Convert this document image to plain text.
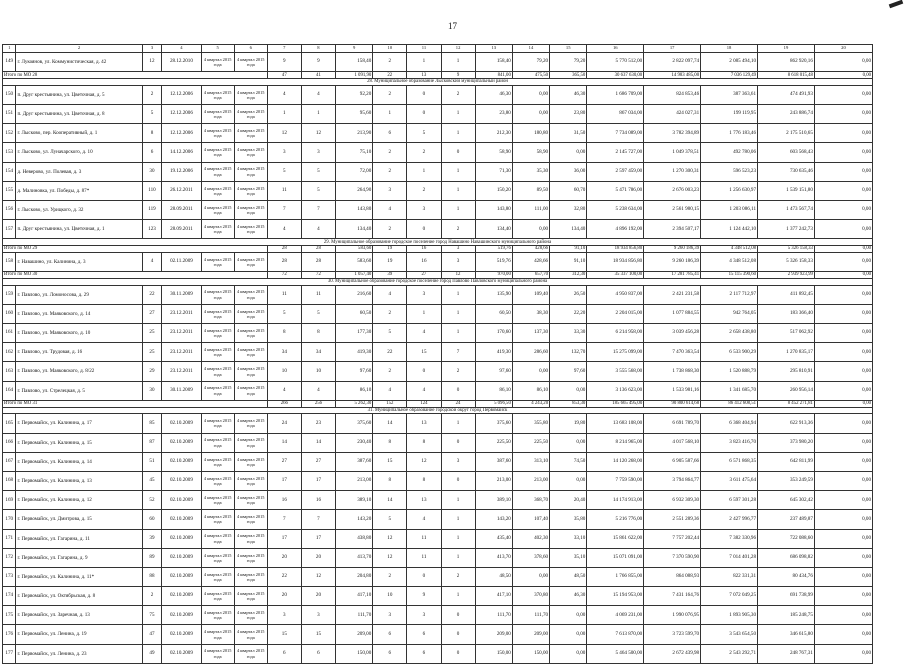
17
1	2	3	4	5	6	7	8	9	10	11	12	13	14	15	16	17	18	19	20
149	г. Лукоянов, ул. Коммунистическая, д. 42	12	28.12.2010	4 квартал 2015 года	4 квартал 2015 года	9	9	158,40	2	1	1	158,40	79,20	79,20	5 770 512,00	2 822 097,74	2 085 494,10	862 920,16	0,00
Итого по МО 28						47	41	1 091,90	22	13	9	841,00	475,50	365,50	30 637 630,00	14 983 485,00	7 036 129,49	8 618 015,48	0,00
28. Муниципальное образование Лысковский муниципальный район																			
150	п. Друг крестьянина, ул. Цветочная, д. 5	2	12.12.2006	4 квартал 2015 года	4 квартал 2015 года	4	4	92,20	2	0	2	46,30	0,00	46,30	1 686 709,00	824 853,46	387 363,61	474 491,93	0,00
151	п. Друг крестьянина, ул. Цветочная, д. 8	5	12.12.2006	4 квартал 2015 года	4 квартал 2015 года	1	1	95,60	1	0	1	23,80	0,00	23,80	867 034,00	424 027,31	199 119,95	243 886,74	0,00
152	г. Лысково, пер. Кооперативный, д. 1	8	12.12.2006	4 квартал 2015 года	4 квартал 2015 года	12	12	213,90	6	5	1	212,30	180,80	31,50	7 734 089,00	3 782 394,89	1 776 183,46	2 175 510,65	0,00
153	г. Лысково, ул. Луначарского, д. 10	6	14.12.2006	4 квартал 2015 года	4 квартал 2015 года	3	3	75,10	2	2	0	58,90	58,90	0,00	2 145 727,00	1 049 378,51	492 780,06	603 568,43	0,00
154	д. Неверово, ул. Полевая, д. 3	30	19.12.2006	4 квартал 2015 года	4 квартал 2015 года	5	5	72,00	2	1	1	71,30	35,30	36,00	2 597 459,00	1 270 300,31	596 523,23	730 635,46	0,00
155	д. Малиновка, ул. Победы, д. 87*	110	26.12.2011	4 квартал 2015 года	4 квартал 2015 года	11	5	264,90	3	2	1	150,20	89,50	60,70	5 471 786,00	2 676 003,23	1 256 630,97	1 539 151,80	0,00
156	г. Лысково, ул. Урицкого, д. 32	119	28.09.2011	4 квартал 2015 года	4 квартал 2015 года	7	7	143,80	4	3	1	143,80	111,00	32,80	5 238 634,00	2 561 980,15	1 203 086,11	1 473 567,74	0,00
157	п. Друг крестьянина, ул. Цветочная, д. 1	123	28.09.2011	4 квартал 2015 года	4 квартал 2015 года	4	4	134,40	2	0	2	134,40	0,00	134,40	4 896 192,00	2 394 507,17	1 124 442,10	1 377 242,73	0,00
29. Муниципальное образование городское поселение город Навашино Навашинского муниципального района																			
Итого по МО 29						28	28	583,60	19	16	3	519,76	428,66	91,10	18 934 856,80	9 260 186,39	4 348 512,08	5 326 158,33	0,00
158	г. Навашино, ул. Калинина, д. 3	4	02.11.2009	4 квартал 2015 года	4 квартал 2015 года	28	28	583,60	19	16	3	519,76	428,66	91,10	18 934 856,80	9 260 186,39	4 348 512,08	5 326 158,33	0,00
Итого по МО 30						72	72	1 057,40	39	27	12	970,00	657,70	312,30	35 337 100,00	17 281 785,41	15 115 390,60	2 939 923,99	0,00
30. Муниципальное образование городское поселение город Павлово Павловского муниципального района																			
159	г. Павлово, ул. Ломоносова, д. 29	22	30.11.2009	4 квартал 2015 года	4 квартал 2015 года	11	11	216,60	4	3	1	135,90	109,40	26,50	4 950 837,00	2 421 231,58	2 117 712,97	411 892,45	0,00
160	г. Павлово, ул. Маяковского, д. 14	27	23.12.2011	4 квартал 2015 года	4 квартал 2015 года	5	5	60,50	2	1	1	60,50	38,30	22,20	2 204 015,00	1 077 884,55	942 764,05	183 366,40	0,00
161	г. Павлово, ул. Маяковского, д. 10	25	23.12.2011	4 квартал 2015 года	4 квартал 2015 года	8	8	177,30	5	4	1	170,60	137,30	33,30	6 214 958,00	3 039 456,28	2 658 438,80	517 062,92	0,00
162	г. Павлово, ул. Трудовая, д. 16	25	23.12.2011	4 квартал 2015 года	4 квартал 2015 года	34	34	419,30	22	15	7	419,30	286,60	132,70	15 275 099,00	7 470 363,54	6 533 900,29	1 270 835,17	0,00
163	г. Павлово, ул. Маяковского, д. 8/22	29	23.12.2011	4 квартал 2015 года	4 квартал 2015 года	10	10	97,60	2	0	2	97,60	0,00	97,60	3 555 568,00	1 738 868,30	1 520 888,79	295 810,91	0,00
164	г. Павлово, ул. Стрелецкая, д. 5	30	30.11.2009	4 квартал 2015 года	4 квартал 2015 года	4	4	86,10	4	4	0	86,10	86,10	0,00	3 136 623,00	1 533 981,16	1 341 685,70	260 956,14	0,00
Итого по МО 31						266	256	5 262,30	152	124	24	5 096,50	4 243,20	853,30	185 665 495,00	90 800 614,68	86 412 608,51	8 452 271,81	0,00
31. Муниципальное образование городской округ город Первомайск																			
165	г. Первомайск, ул. Калинина, д. 17	85	02.10.2009	4 квартал 2015 года	4 квартал 2015 года	24	23	375,60	14	13	1	375,60	355,80	19,80	13 683 108,00	6 691 789,70	6 368 404,94	622 913,36	0,00
166	г. Первомайск, ул. Калинина, д. 15	87	02.10.2009	4 квартал 2015 года	4 квартал 2015 года	14	14	230,40	8	8	0	225,50	225,50	0,00	8 214 965,00	4 017 568,10	3 823 416,70	373 980,20	0,00
167	г. Первомайск, ул. Калинина, д. 14	51	02.10.2009	4 квартал 2015 года	4 квартал 2015 года	27	27	387,60	15	12	3	387,60	313,10	74,50	14 120 268,00	6 905 587,66	6 571 868,35	642 811,99	0,00
168	г. Первомайск, ул. Калинина, д. 13	45	02.10.2009	4 квартал 2015 года	4 квартал 2015 года	17	17	213,00	8	8	0	213,00	213,00	0,00	7 759 590,00	3 794 864,77	3 611 475,64	353 249,59	0,00
169	г. Первомайск, ул. Калинина, д. 12	52	02.10.2009	4 квартал 2015 года	4 квартал 2015 года	16	16	389,10	14	13	1	389,10	368,70	20,40	14 174 913,00	6 932 309,30	6 597 301,28	645 302,42	0,00
170	г. Первомайск, ул. Дмитрова, д. 15	60	02.10.2009	4 квартал 2015 года	4 квартал 2015 года	7	7	143,20	5	4	1	143,20	107,40	35,80	5 216 776,00	2 551 289,36	2 427 996,77	237 489,87	0,00
171	г. Первомайск, ул. Гагарина, д. 11	39	02.10.2009	4 квартал 2015 года	4 квартал 2015 года	17	17	438,80	12	11	1	435,40	402,30	33,10	15 861 622,00	7 757 202,44	7 382 330,96	722 088,60	0,00
172	г. Первомайск, ул. Гагарина, д. 9	89	02.10.2009	4 квартал 2015 года	4 квартал 2015 года	20	20	413,70	12	11	1	413,70	378,60	35,10	15 071 091,00	7 370 590,90	7 014 401,28	686 098,82	0,00
173	г. Первомайск, ул. Калинина, д. 11*	88	02.10.2009	4 квартал 2015 года	4 квартал 2015 года	22	12	204,80	2	0	2	48,50	0,00	48,50	1 766 855,00	864 088,93	822 331,31	80 434,76	0,00
174	г. Первомайск, ул. Октябрьская, д. 8	2	02.10.2009	4 квартал 2015 года	4 квартал 2015 года	20	20	417,10	10	9	1	417,10	370,80	46,30	15 194 953,00	7 431 164,76	7 072 049,25	691 738,99	0,00
175	г. Первомайск, ул. Заречная, д. 13	75	02.10.2009	4 квартал 2015 года	4 квартал 2015 года	3	3	111,70	3	3	0	111,70	111,70	0,00	4 069 231,00	1 990 076,95	1 893 905,30	185 248,75	0,00
176	г. Первомайск, ул. Ленина, д. 19	47	02.10.2009	4 квартал 2015 года	4 квартал 2015 года	15	15	209,00	6	6	0	209,00	209,00	0,00	7 613 870,00	3 723 599,70	3 543 654,50	346 615,80	0,00
177	г. Первомайск, ул. Ленина, д. 23	49	02.10.2009	4 квартал 2015 года	4 квартал 2015 года	6	6	150,00	6	6	0	150,00	150,00	0,00	5 464 500,00	2 672 439,98	2 543 292,71	248 767,31	0,00
